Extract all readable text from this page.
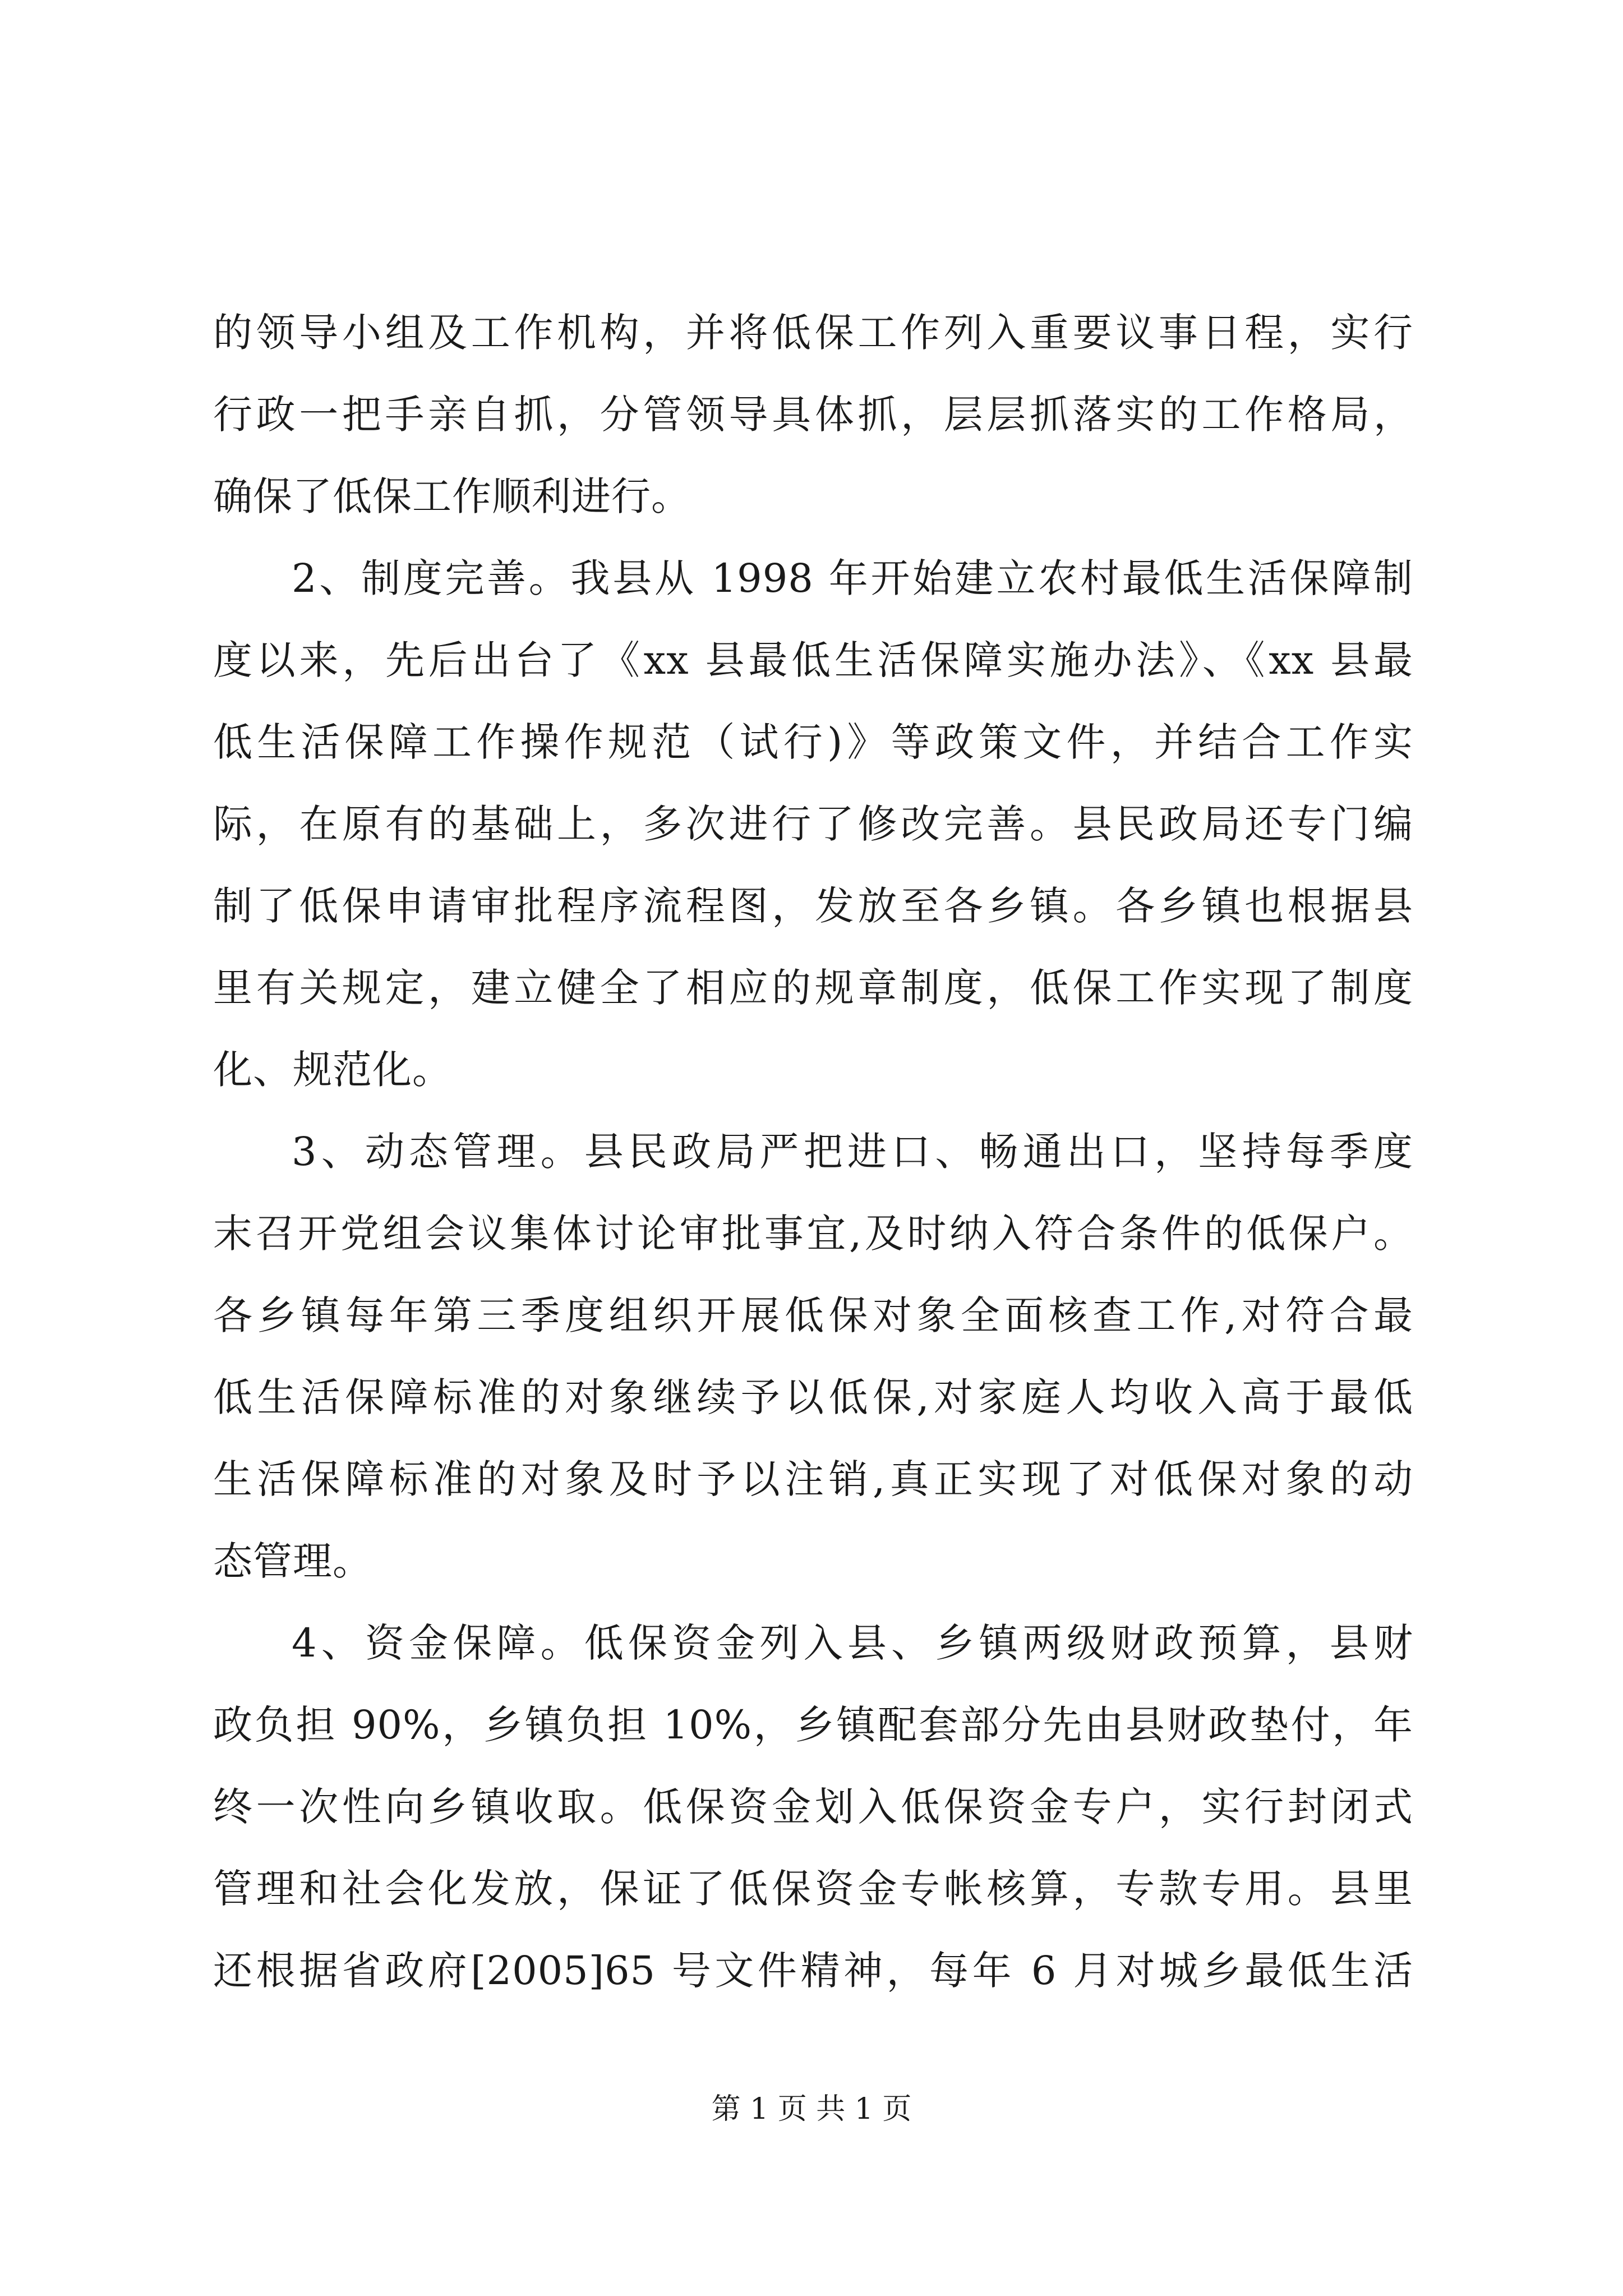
的领导小组及工作机构，并将低保工作列入重要议事日程，实行
行政一把手亲自抓，分管领导具体抓，层层抓落实的工作格局，
确保了低保工作顺利进行。
2、制度完善。我县从 1998 年开始建立农村最低生活保障制
度以来，先后出台了《xx 县最低生活保障实施办法》、《xx 县最
低生活保障工作操作规范（试行)》等政策文件，并结合工作实
际，在原有的基础上，多次进行了修改完善。县民政局还专门编
制了低保申请审批程序流程图，发放至各乡镇。各乡镇也根据县
里有关规定，建立健全了相应的规章制度，低保工作实现了制度
化、规范化。
3、动态管理。县民政局严把进口、畅通出口，坚持每季度
末召开党组会议集体讨论审批事宜,及时纳入符合条件的低保户。
各乡镇每年第三季度组织开展低保对象全面核查工作,对符合最
低生活保障标准的对象继续予以低保,对家庭人均收入高于最低
生活保障标准的对象及时予以注销,真正实现了对低保对象的动
态管理。
4、资金保障。低保资金列入县、乡镇两级财政预算，县财
政负担 90%，乡镇负担 10%，乡镇配套部分先由县财政垫付，年
终一次性向乡镇收取。低保资金划入低保资金专户，实行封闭式
管理和社会化发放，保证了低保资金专帐核算，专款专用。县里
还根据省政府[2005]65 号文件精神，每年 6 月对城乡最低生活
第 1 页 共 1 页
